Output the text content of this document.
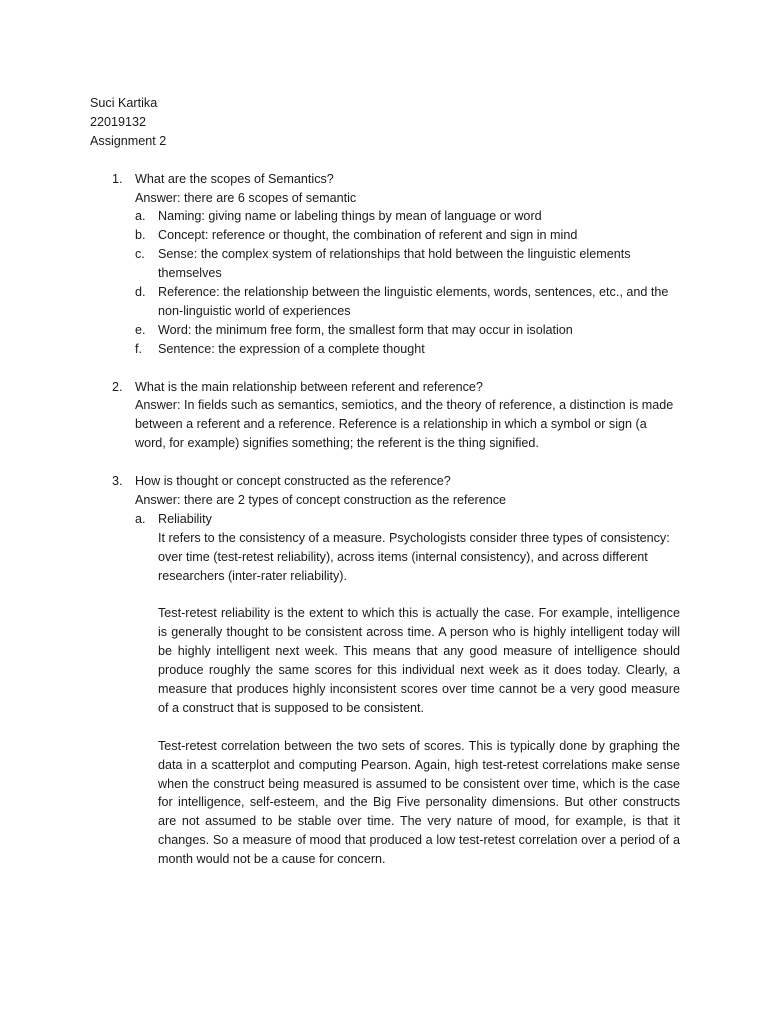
Suci Kartika

22019132

Assignment 2

1. What are the scopes of Semantics?

Answer: there are 6 scopes of semantic

a. Naming: giving name or labeling things by mean of language or word
b. Concept: reference or thought, the combination of referent and sign in mind
c. Sense: the complex system of relationships that hold between the linguistic elements themselves
d. Reference: the relationship between the linguistic elements, words, sentences, etc., and the non-linguistic world of experiences
e. Word: the minimum free form, the smallest form that may occur in isolation
f. Sentence: the expression of a complete thought
2. What is the main relationship between referent and reference?

Answer: In fields such as semantics, semiotics, and the theory of reference, a distinction is made between a referent and a reference. Reference is a relationship in which a symbol or sign (a word, for example) signifies something; the referent is the thing signified.

3. How is thought or concept constructed as the reference?

Answer: there are 2 types of concept construction as the reference

a. Reliability

It refers to the consistency of a measure. Psychologists consider three types of consistency: over time (test-retest reliability), across items (internal consistency), and across different researchers (inter-rater reliability).

Test-retest reliability is the extent to which this is actually the case. For example, intelligence is generally thought to be consistent across time. A person who is highly intelligent today will be highly intelligent next week. This means that any good measure of intelligence should produce roughly the same scores for this individual next week as it does today. Clearly, a measure that produces highly inconsistent scores over time cannot be a very good measure of a construct that is supposed to be consistent.

Test-retest correlation between the two sets of scores. This is typically done by graphing the data in a scatterplot and computing Pearson. Again, high test-retest correlations make sense when the construct being measured is assumed to be consistent over time, which is the case for intelligence, self-esteem, and the Big Five personality dimensions. But other constructs are not assumed to be stable over time. The very nature of mood, for example, is that it changes. So a measure of mood that produced a low test-retest correlation over a period of a month would not be a cause for concern.
